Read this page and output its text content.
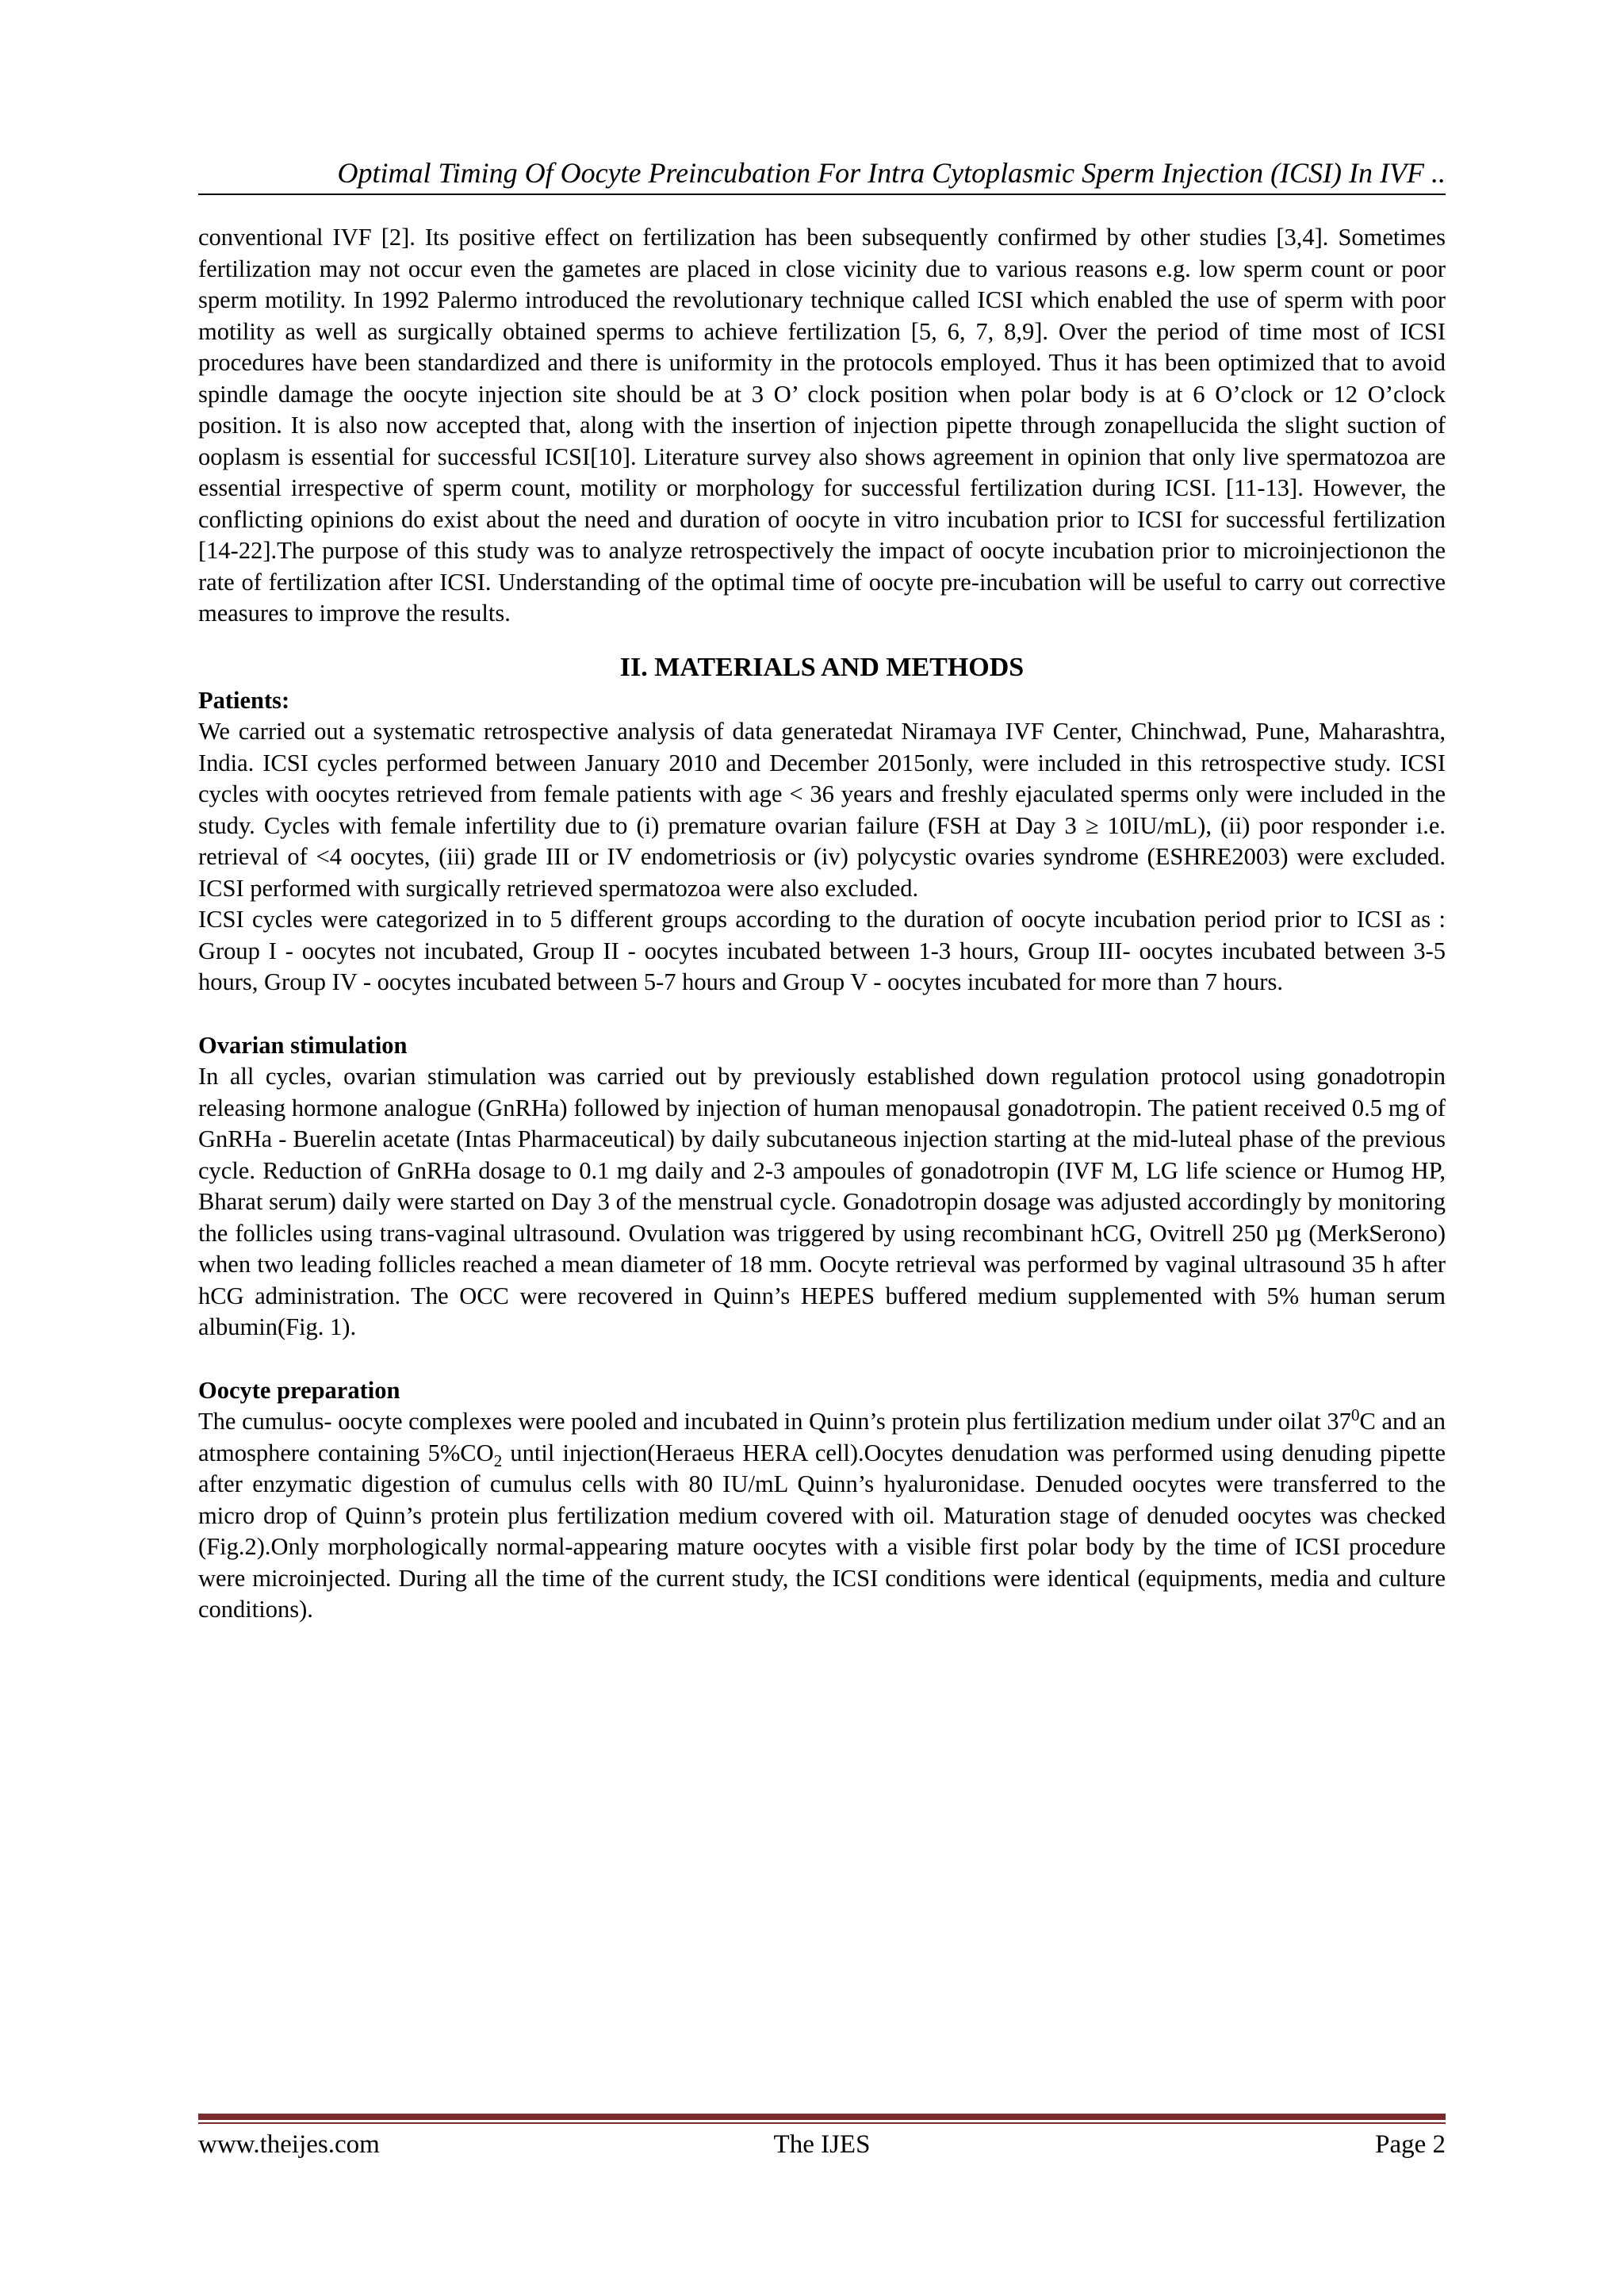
Optimal Timing Of Oocyte Preincubation For Intra Cytoplasmic Sperm Injection (ICSI) In IVF ..

conventional IVF [2]. Its positive effect on fertilization has been subsequently confirmed by other studies [3,4]. Sometimes fertilization may not occur even the gametes are placed in close vicinity due to various reasons e.g. low sperm count or poor sperm motility. In 1992 Palermo introduced the revolutionary technique called ICSI which enabled the use of sperm with poor motility as well as surgically obtained sperms to achieve fertilization [5, 6, 7, 8,9]. Over the period of time most of ICSI procedures have been standardized and there is uniformity in the protocols employed. Thus it has been optimized that to avoid spindle damage the oocyte injection site should be at 3 O’ clock position when polar body is at 6 O’clock or 12 O’clock position. It is also now accepted that, along with the insertion of injection pipette through zonapellucida the slight suction of ooplasm is essential for successful ICSI[10]. Literature survey also shows agreement in opinion that only live spermatozoa are essential irrespective of sperm count, motility or morphology for successful fertilization during ICSI. [11-13]. However, the conflicting opinions do exist about the need and duration of oocyte in vitro incubation prior to ICSI for successful fertilization [14-22].The purpose of this study was to analyze retrospectively the impact of oocyte incubation prior to microinjectionon the rate of fertilization after ICSI. Understanding of the optimal time of oocyte pre-incubation will be useful to carry out corrective measures to improve the results.

II. MATERIALS AND METHODS

Patients:

We carried out a systematic retrospective analysis of data generatedat Niramaya IVF Center, Chinchwad, Pune, Maharashtra, India. ICSI cycles performed between January 2010 and December 2015only, were included in this retrospective study. ICSI cycles with oocytes retrieved from female patients with age < 36 years and freshly ejaculated sperms only were included in the study. Cycles with female infertility due to (i) premature ovarian failure (FSH at Day 3 ≥ 10IU/mL), (ii) poor responder i.e. retrieval of <4 oocytes, (iii) grade III or IV endometriosis or (iv) polycystic ovaries syndrome (ESHRE2003) were excluded. ICSI performed with surgically retrieved spermatozoa were also excluded.

ICSI cycles were categorized in to 5 different groups according to the duration of oocyte incubation period prior to ICSI as : Group I - oocytes not incubated, Group II - oocytes incubated between 1-3 hours, Group III- oocytes incubated between 3-5 hours, Group IV - oocytes incubated between 5-7 hours and Group V - oocytes incubated for more than 7 hours.

Ovarian stimulation

In all cycles, ovarian stimulation was carried out by previously established down regulation protocol using gonadotropin releasing hormone analogue (GnRHa) followed by injection of human menopausal gonadotropin. The patient received 0.5 mg of GnRHa - Buerelin acetate (Intas Pharmaceutical) by daily subcutaneous injection starting at the mid-luteal phase of the previous cycle. Reduction of GnRHa dosage to 0.1 mg daily and 2-3 ampoules of gonadotropin (IVF M, LG life science or Humog HP, Bharat serum) daily were started on Day 3 of the menstrual cycle. Gonadotropin dosage was adjusted accordingly by monitoring the follicles using trans-vaginal ultrasound. Ovulation was triggered by using recombinant hCG, Ovitrell 250 µg (MerkSerono) when two leading follicles reached a mean diameter of 18 mm. Oocyte retrieval was performed by vaginal ultrasound 35 h after hCG administration. The OCC were recovered in Quinn’s HEPES buffered medium supplemented with 5% human serum albumin(Fig. 1).

Oocyte preparation

The cumulus- oocyte complexes were pooled and incubated in Quinn’s protein plus fertilization medium under oilat $37^0C$ and an atmosphere containing $5\%CO_2$ until injection(Heraeus HERA cell).Oocytes denudation was performed using denuding pipette after enzymatic digestion of cumulus cells with 80 IU/mL Quinn’s hyaluronidase. Denuded oocytes were transferred to the micro drop of Quinn’s protein plus fertilization medium covered with oil. Maturation stage of denuded oocytes was checked (Fig.2).Only morphologically normal-appearing mature oocytes with a visible first polar body by the time of ICSI procedure were microinjected. During all the time of the current study, the ICSI conditions were identical (equipments, media and culture conditions).

www.theijes.com	The IJES	Page 2
